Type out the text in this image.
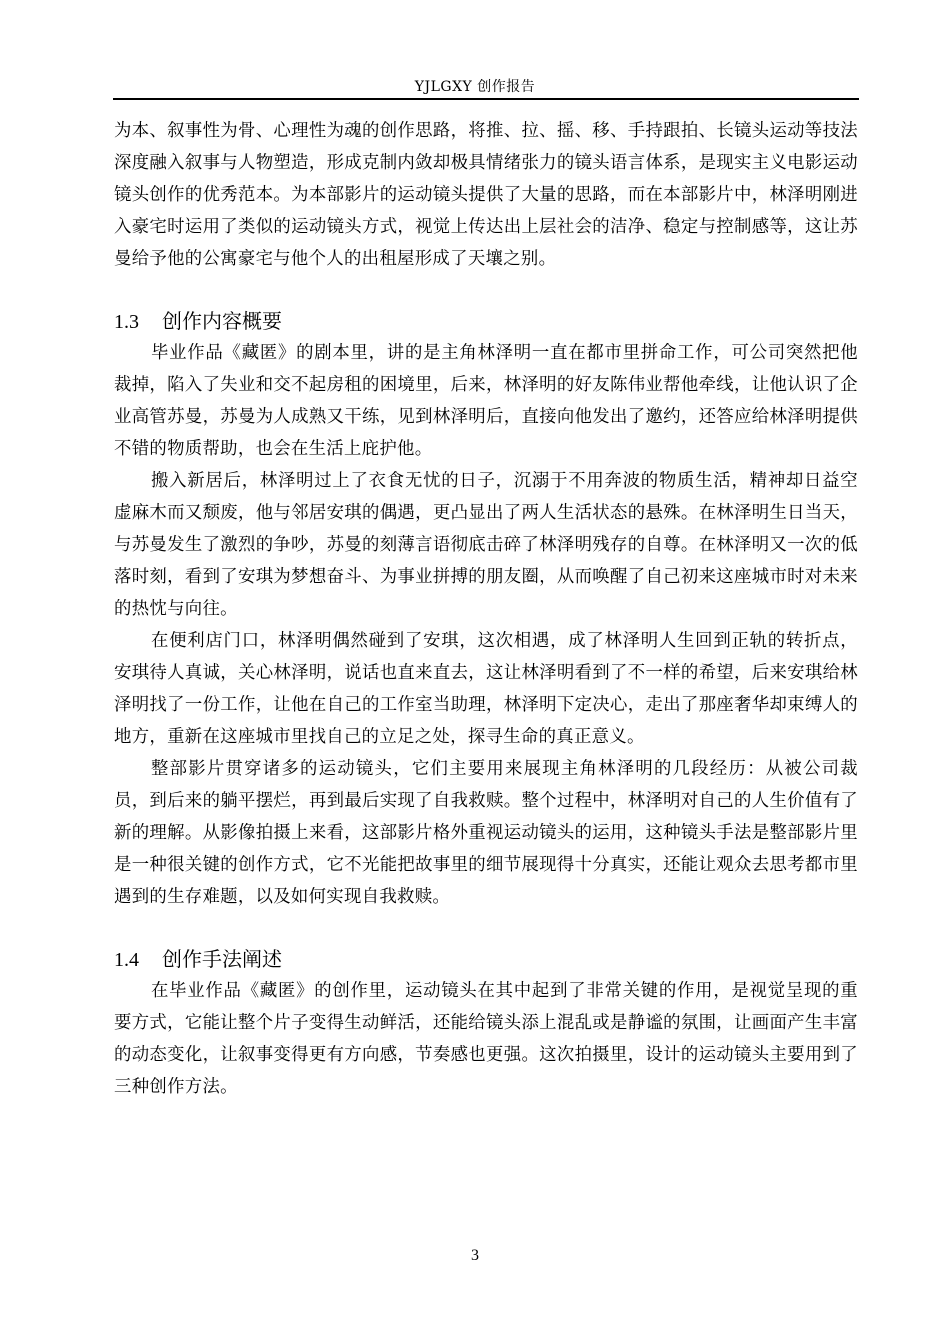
YJLGXY 创作报告

为本、叙事性为骨、心理性为魂的创作思路，将推、拉、摇、移、手持跟拍、长镜头运动等技法深度融入叙事与人物塑造，形成克制内敛却极具情绪张力的镜头语言体系，是现实主义电影运动镜头创作的优秀范本。为本部影片的运动镜头提供了大量的思路，而在本部影片中，林泽明刚进入豪宅时运用了类似的运动镜头方式，视觉上传达出上层社会的洁净、稳定与控制感等，这让苏曼给予他的公寓豪宅与他个人的出租屋形成了天壤之别。

1.3 创作内容概要

毕业作品《藏匿》的剧本里，讲的是主角林泽明一直在都市里拼命工作，可公司突然把他裁掉，陷入了失业和交不起房租的困境里，后来，林泽明的好友陈伟业帮他牵线，让他认识了企业高管苏曼，苏曼为人成熟又干练，见到林泽明后，直接向他发出了邀约，还答应给林泽明提供不错的物质帮助，也会在生活上庇护他。

搬入新居后，林泽明过上了衣食无忧的日子，沉溺于不用奔波的物质生活，精神却日益空虚麻木而又颓废，他与邻居安琪的偶遇，更凸显出了两人生活状态的悬殊。在林泽明生日当天，与苏曼发生了激烈的争吵，苏曼的刻薄言语彻底击碎了林泽明残存的自尊。在林泽明又一次的低落时刻，看到了安琪为梦想奋斗、为事业拼搏的朋友圈，从而唤醒了自己初来这座城市时对未来的热忱与向往。

在便利店门口，林泽明偶然碰到了安琪，这次相遇，成了林泽明人生回到正轨的转折点，安琪待人真诚，关心林泽明，说话也直来直去，这让林泽明看到了不一样的希望，后来安琪给林泽明找了一份工作，让他在自己的工作室当助理，林泽明下定决心，走出了那座奢华却束缚人的地方，重新在这座城市里找自己的立足之处，探寻生命的真正意义。

整部影片贯穿诸多的运动镜头，它们主要用来展现主角林泽明的几段经历：从被公司裁员，到后来的躺平摆烂，再到最后实现了自我救赎。整个过程中，林泽明对自己的人生价值有了新的理解。从影像拍摄上来看，这部影片格外重视运动镜头的运用，这种镜头手法是整部影片里是一种很关键的创作方式，它不光能把故事里的细节展现得十分真实，还能让观众去思考都市里遇到的生存难题，以及如何实现自我救赎。

1.4 创作手法阐述

在毕业作品《藏匿》的创作里，运动镜头在其中起到了非常关键的作用，是视觉呈现的重要方式，它能让整个片子变得生动鲜活，还能给镜头添上混乱或是静谧的氛围，让画面产生丰富的动态变化，让叙事变得更有方向感，节奏感也更强。这次拍摄里，设计的运动镜头主要用到了三种创作方法。

3
